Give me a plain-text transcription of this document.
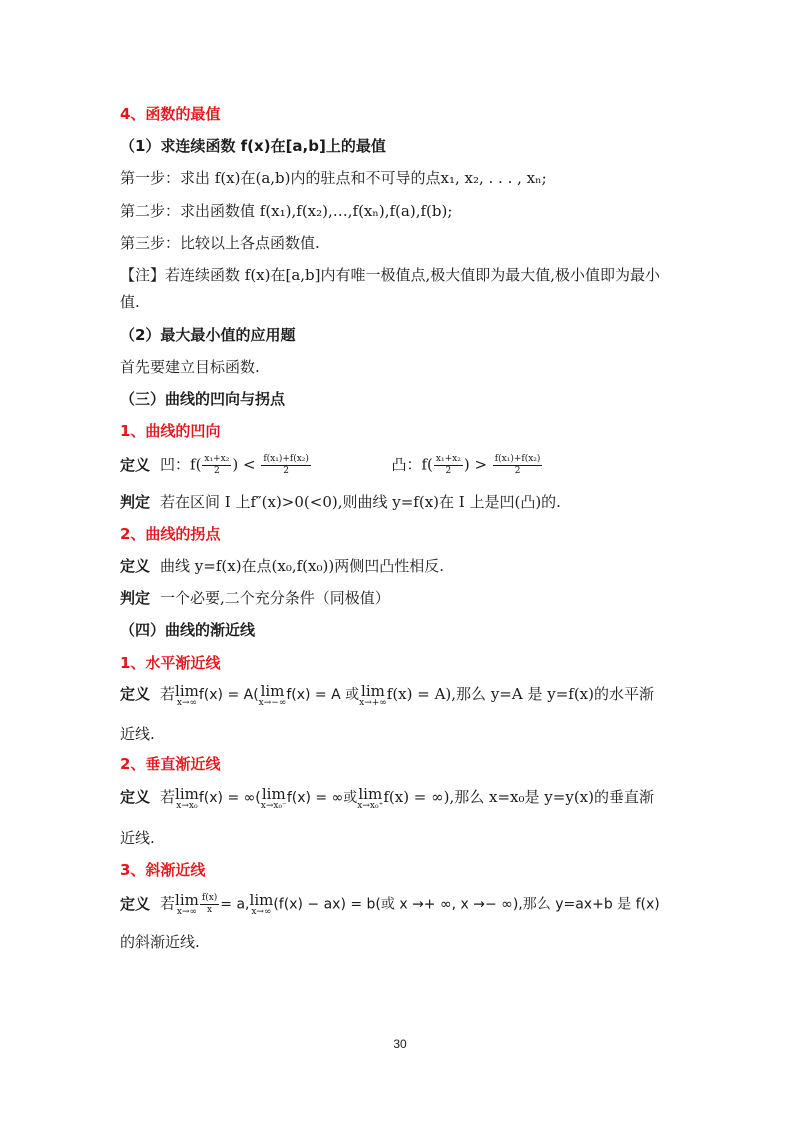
4、函数的最值
（1）求连续函数 f(x)在[a,b]上的最值
第一步：求出 f(x)在(a,b)内的驻点和不可导的点x₁, x₂, . . . , xₙ;
第二步：求出函数值 f(x₁),f(x₂),…,f(xₙ),f(a),f(b);
第三步：比较以上各点函数值.
【注】若连续函数 f(x)在[a,b]内有唯一极值点,极大值即为最大值,极小值即为最小
值.
（2）最大最小值的应用题
首先要建立目标函数.
（三）曲线的凹向与拐点
1、曲线的凹向
定义 凹：$f( \frac{\text{x₁+x₂}}{2}$ ) < $\frac{\text{f(x₁)+f(x₂)}}{2}$	凸：$f( \frac{\text{x₁+x₂}}{2}$ ) > $\frac{\text{f(x₁)+f(x₂)}}{2}$
判定 若在区间 I 上f″(x)>0(<0),则曲线 y=f(x)在 I 上是凹(凸)的.
2、曲线的拐点
定义 曲线 y=f(x)在点(x₀,f(x₀))两侧凹凸性相反.
判定 一个必要,二个充分条件（同极值）
（四）曲线的渐近线
1、水平渐近线
定义 若 lim
x→∞ f(x) = A( lim
x→−∞ f(x) = A 或 lim
x→+∞ f(x) = A),那么 y=A 是 y=f(x)的水平渐
近线.
2、垂直渐近线
定义 若 lim
x→x₀ f(x) = ∞( lim
x→x₀⁻ f(x) = ∞或 lim
x→x₀⁺ f(x) = ∞),那么 x=x₀是 y=y(x)的垂直渐
近线.
3、斜渐近线
定义 若 lim
$x\to\infty \frac{f(x)}{x} = a$, lim
x→∞ (f(x) − ax) = b(或 x →+ ∞, x →− ∞),那么 y=ax+b 是 f(x)
的斜渐近线.
30
